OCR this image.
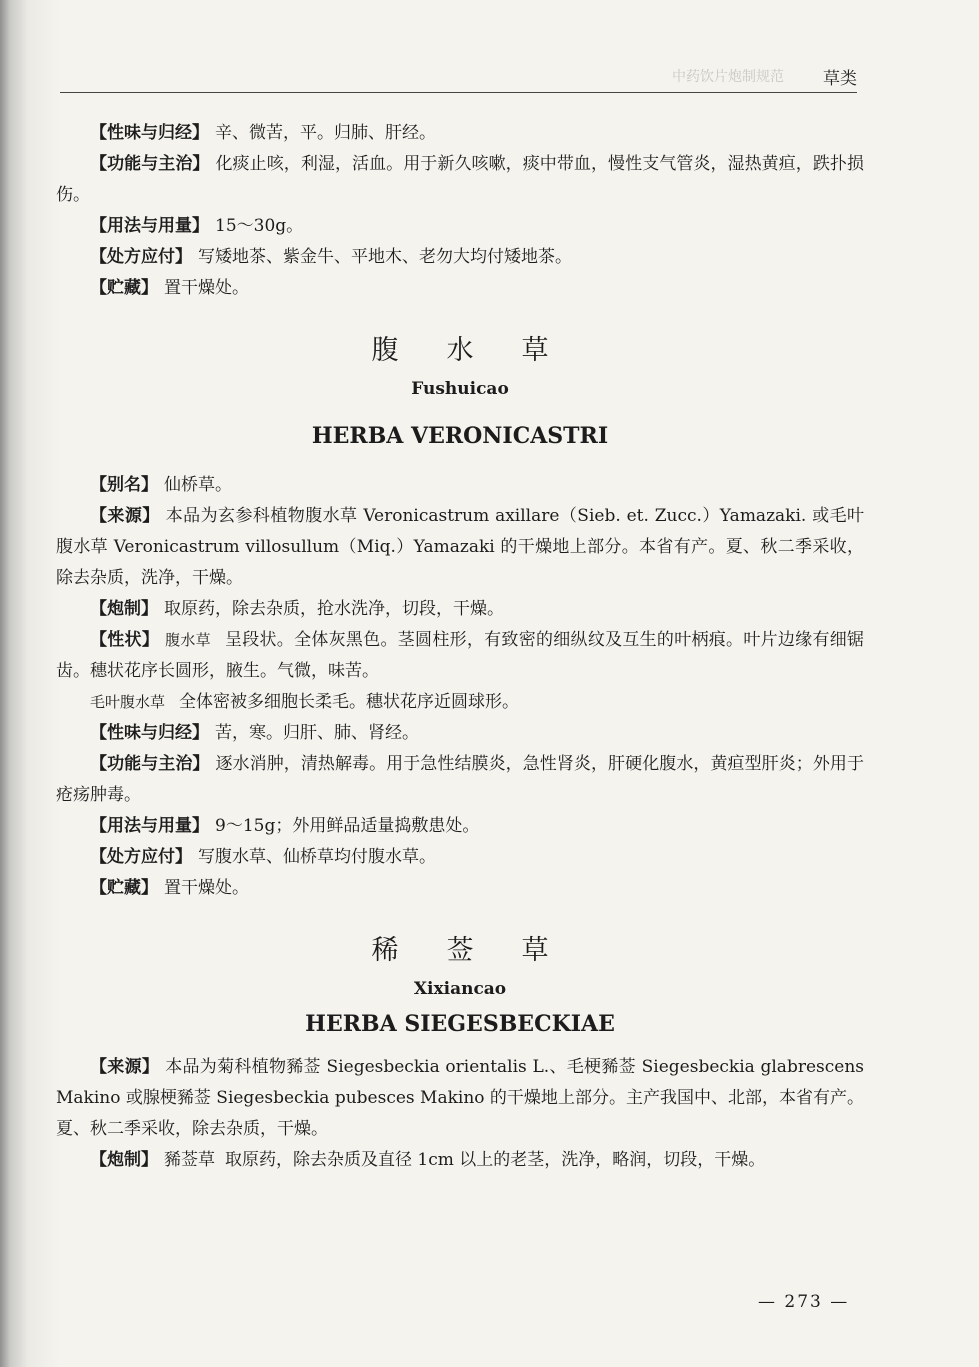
中药饮片炮制规范 草类

【性味与归经】 辛、微苦，平。归肺、肝经。

【功能与主治】 化痰止咳，利湿，活血。用于新久咳嗽，痰中带血，慢性支气管炎，湿热黄疸，跌扑损伤。

【用法与用量】 15～30g。

【处方应付】 写矮地茶、紫金牛、平地木、老勿大均付矮地茶。

【贮藏】 置干燥处。

腹水草
Fushuicao
HERBA VERONICASTRI

【别名】 仙桥草。

【来源】 本品为玄参科植物腹水草 Veronicastrum axillare（Sieb. et. Zucc.）Yamazaki. 或毛叶腹水草 Veronicastrum villosullum（Miq.）Yamazaki 的干燥地上部分。本省有产。夏、秋二季采收，除去杂质，洗净，干燥。

【炮制】 取原药，除去杂质，抢水洗净，切段，干燥。

【性状】 腹水草 呈段状。全体灰黑色。茎圆柱形，有致密的细纵纹及互生的叶柄痕。叶片边缘有细锯齿。穗状花序长圆形，腋生。气微，味苦。

毛叶腹水草 全体密被多细胞长柔毛。穗状花序近圆球形。

【性味与归经】 苦，寒。归肝、肺、肾经。

【功能与主治】 逐水消肿，清热解毒。用于急性结膜炎，急性肾炎，肝硬化腹水，黄疸型肝炎；外用于疮疡肿毒。

【用法与用量】 9～15g；外用鲜品适量捣敷患处。

【处方应付】 写腹水草、仙桥草均付腹水草。

【贮藏】 置干燥处。

稀莶草
Xixiancao
HERBA SIEGESBECKIAE

【来源】 本品为菊科植物豨莶 Siegesbeckia orientalis L.、毛梗豨莶 Siegesbeckia glabrescens Makino 或腺梗豨莶 Siegesbeckia pubesces Makino 的干燥地上部分。主产我国中、北部，本省有产。夏、秋二季采收，除去杂质，干燥。

【炮制】 豨莶草 取原药，除去杂质及直径 1cm 以上的老茎，洗净，略润，切段，干燥。

— 273 —
